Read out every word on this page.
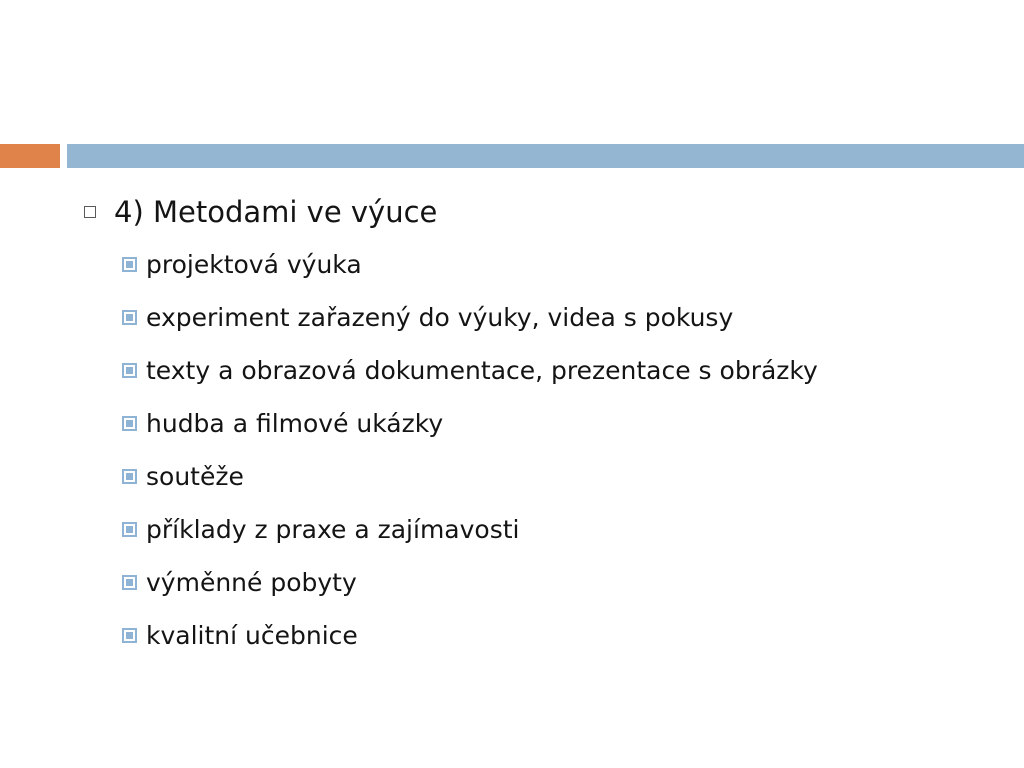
4) Metodami ve výuce
projektová výuka
experiment zařazený do výuky, videa s pokusy
texty a obrazová dokumentace, prezentace s obrázky
hudba a filmové ukázky
soutěže
příklady z praxe a zajímavosti
výměnné pobyty
kvalitní učebnice
